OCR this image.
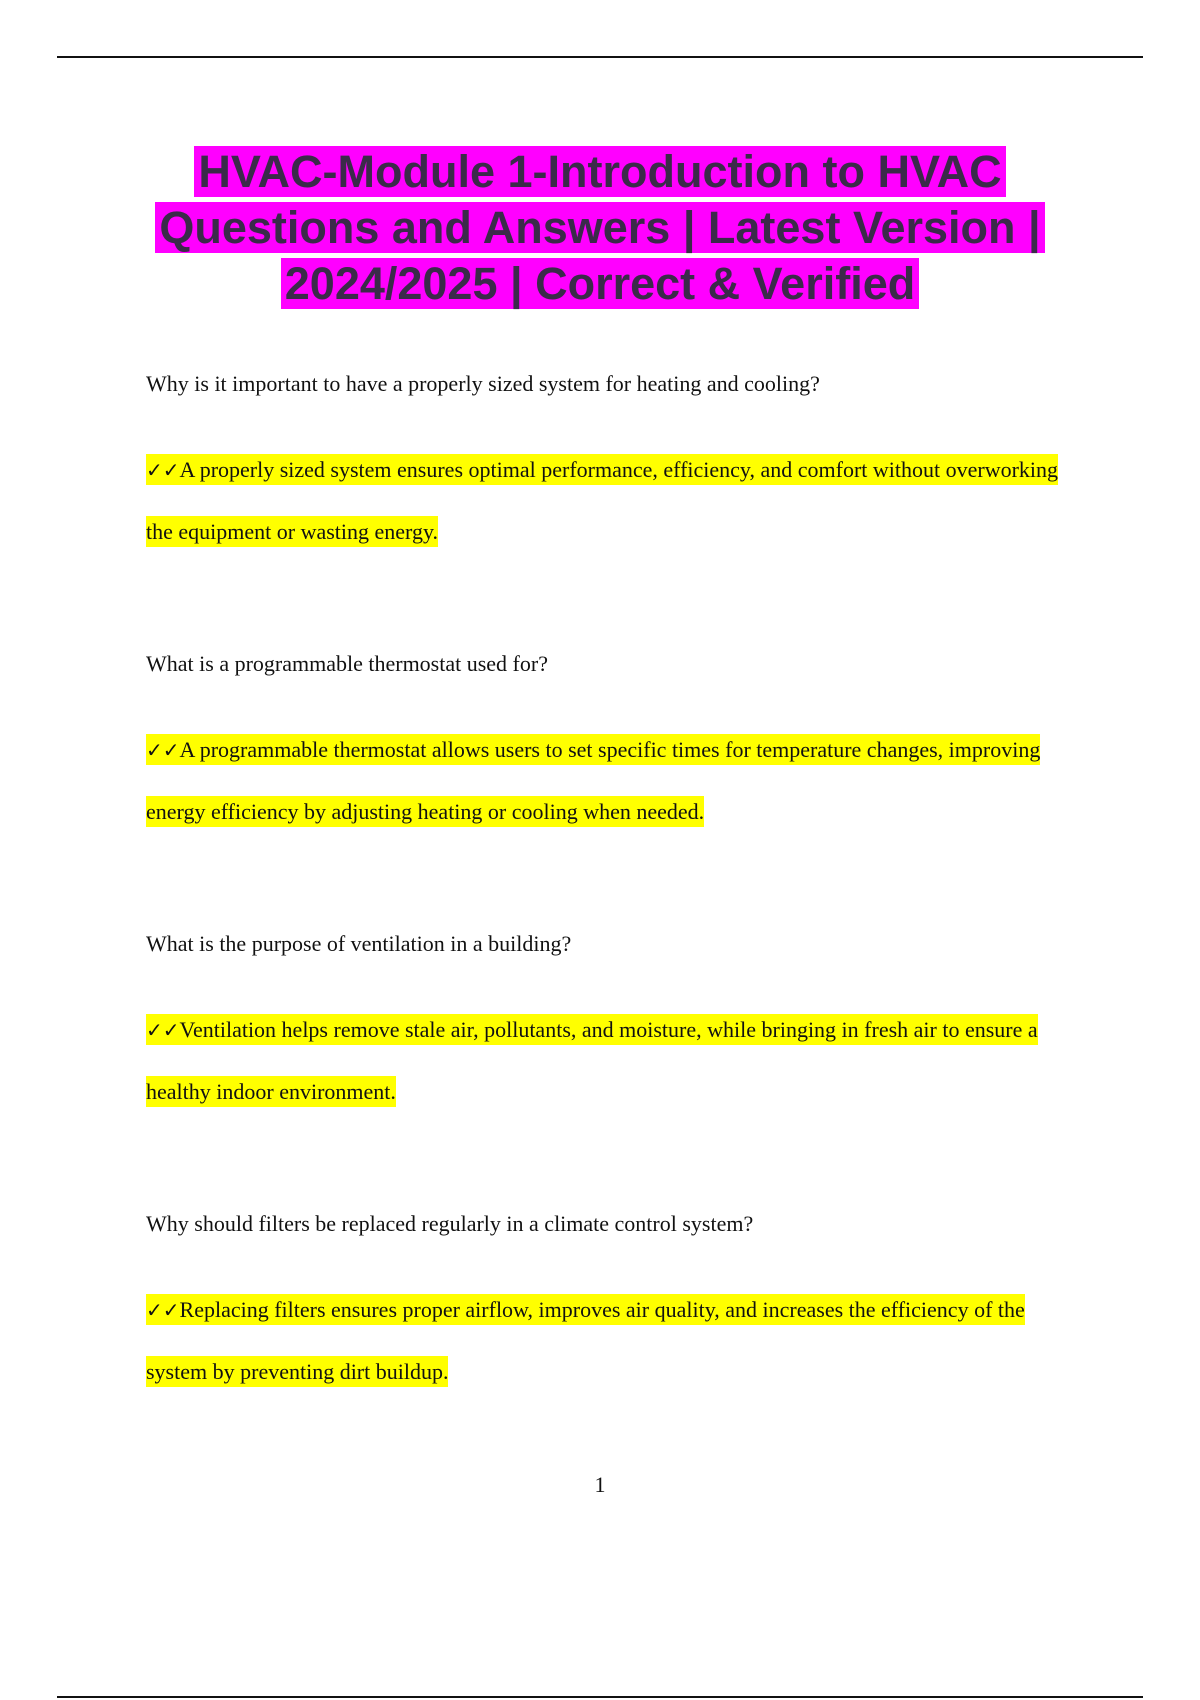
HVAC-Module 1-Introduction to HVAC Questions and Answers | Latest Version | 2024/2025 | Correct & Verified
Why is it important to have a properly sized system for heating and cooling?
✓✓A properly sized system ensures optimal performance, efficiency, and comfort without overworking the equipment or wasting energy.
What is a programmable thermostat used for?
✓✓A programmable thermostat allows users to set specific times for temperature changes, improving energy efficiency by adjusting heating or cooling when needed.
What is the purpose of ventilation in a building?
✓✓Ventilation helps remove stale air, pollutants, and moisture, while bringing in fresh air to ensure a healthy indoor environment.
Why should filters be replaced regularly in a climate control system?
✓✓Replacing filters ensures proper airflow, improves air quality, and increases the efficiency of the system by preventing dirt buildup.
1
